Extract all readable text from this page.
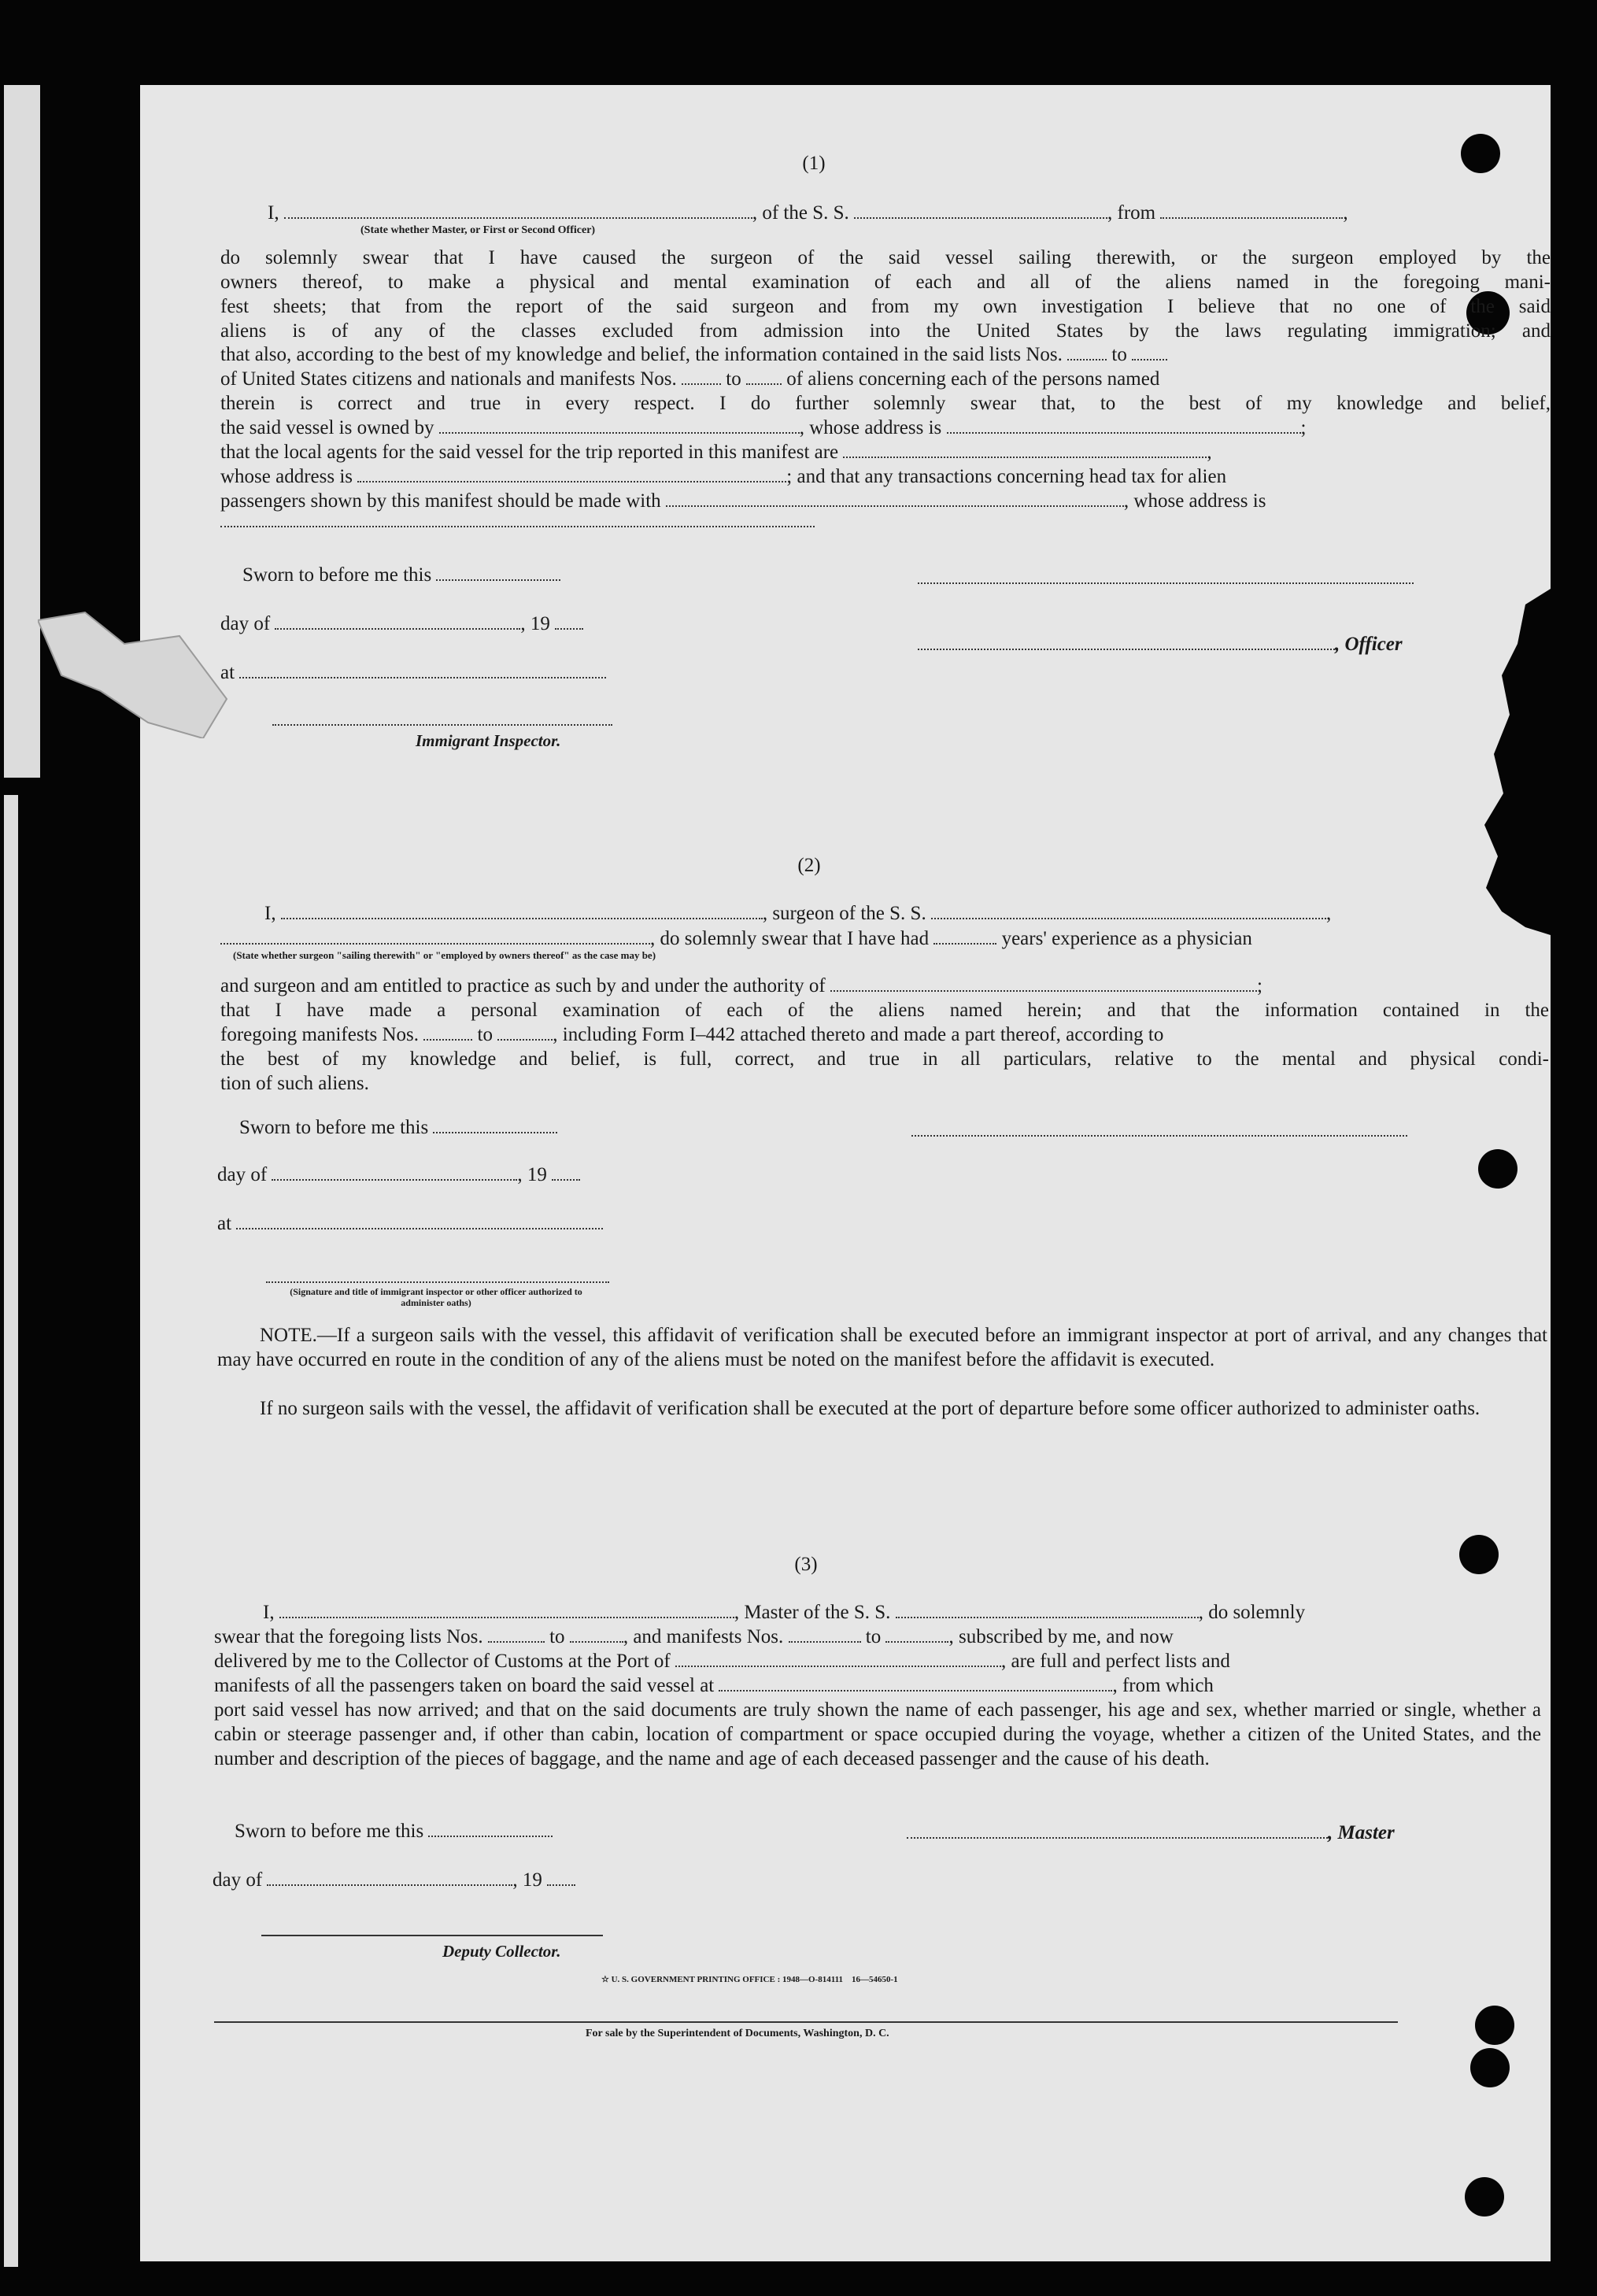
(1)
I,	, of the S. S.	, from	,
(State whether Master, or First or Second Officer)
do solemnly swear that I have caused the surgeon of the said vessel sailing therewith, or the surgeon employed by the
owners thereof, to make a physical and mental examination of each and all of the aliens named in the foregoing mani-
fest sheets; that from the report of the said surgeon and from my own investigation I believe that no one of the said
aliens is of any of the classes excluded from admission into the United States by the laws regulating immigration; and
that also, according to the best of my knowledge and belief, the information contained in the said lists Nos.	to
of United States citizens and nationals and manifests Nos.	to of aliens concerning each of the persons named
therein is correct and true in every respect. I do further solemnly swear that, to the best of my knowledge and belief,
the said vessel is owned by	, whose address is	;
that the local agents for the said vessel for the trip reported in this manifest are	,
whose address is	; and that any transactions concerning head tax for alien
passengers shown by this manifest should be made with	, whose address is
Sworn to before me this
day of	, 19
, Officer
at
Immigrant Inspector.
(2)
I,	, surgeon of the S. S.	,
, do solemnly swear that I have had	years' experience as a physician
(State whether surgeon "sailing therewith" or "employed by owners thereof" as the case may be)
and surgeon and am entitled to practice as such by and under the authority of	;
that I have made a personal examination of each of the aliens named herein; and that the information contained in the
foregoing manifests Nos.	to	, including Form I–442 attached thereto and made a part thereof, according to
the best of my knowledge and belief, is full, correct, and true in all particulars, relative to the mental and physical condi-
tion of such aliens.
Sworn to before me this
day of	, 19
at
(Signature and title of immigrant inspector or other officer authorized to administer oaths)
NOTE.—If a surgeon sails with the vessel, this affidavit of verification shall be executed before an immigrant inspector at port of arrival, and any changes that may have occurred en route in the condition of any of the aliens must be noted on the manifest before the affidavit is executed.
If no surgeon sails with the vessel, the affidavit of verification shall be executed at the port of departure before some officer authorized to administer oaths.
(3)
I,	, Master of the S. S.	, do solemnly
swear that the foregoing lists Nos.	to	, and manifests Nos.	to	, subscribed by me, and now
delivered by me to the Collector of Customs at the Port of	, are full and perfect lists and
manifests of all the passengers taken on board the said vessel at	, from which
port said vessel has now arrived; and that on the said documents are truly shown the name of each passenger, his age and sex, whether married or single, whether a cabin or steerage passenger and, if other than cabin, location of compartment or space occupied during the voyage, whether a citizen of the United States, and the number and description of the pieces of baggage, and the name and age of each deceased passenger and the cause of his death.
Sworn to before me this	, Master
day of	, 19
Deputy Collector.
☆ U. S. GOVERNMENT PRINTING OFFICE : 1948—O-814111    16—54650-1
For sale by the Superintendent of Documents, Washington, D. C.
